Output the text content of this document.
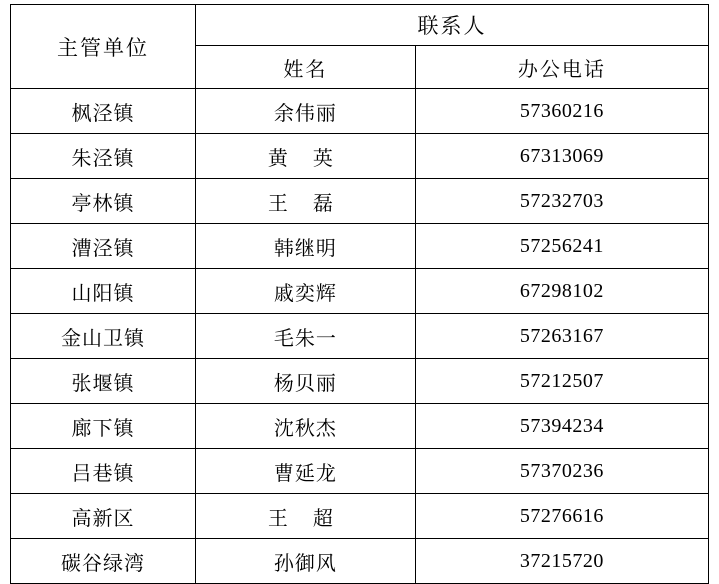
主管单位	联系人	
	姓名	办公电话
枫泾镇	余伟丽	57360216
朱泾镇	黄 英	67313069
亭林镇	王 磊	57232703
漕泾镇	韩继明	57256241
山阳镇	戚奕辉	67298102
金山卫镇	毛朱一	57263167
张堰镇	杨贝丽	57212507
廊下镇	沈秋杰	57394234
吕巷镇	曹延龙	57370236
高新区	王 超	57276616
碳谷绿湾	孙御风	37215720
